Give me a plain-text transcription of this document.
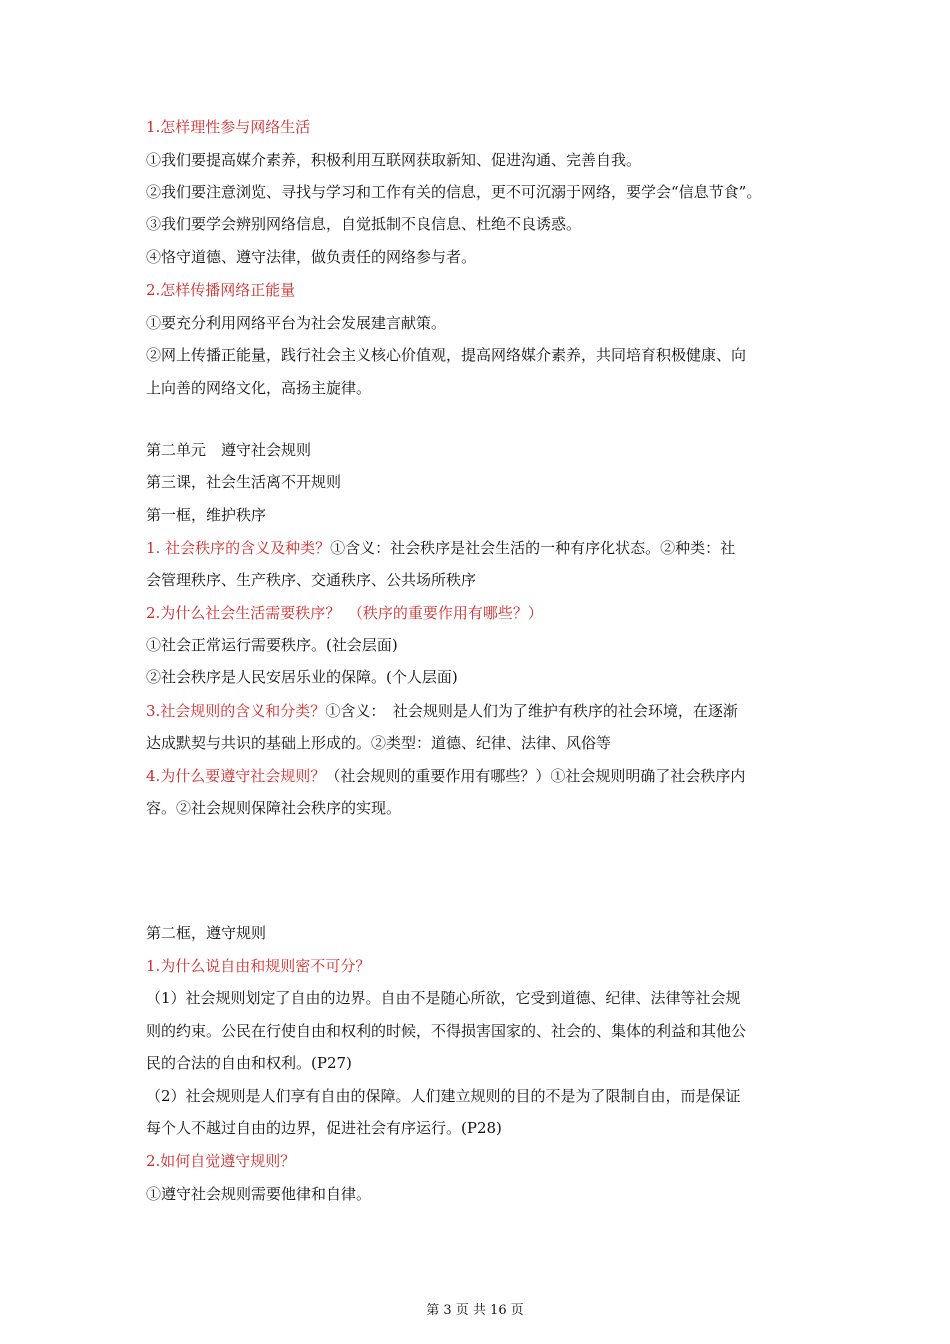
1.怎样理性参与网络生活
①我们要提高媒介素养，积极利用互联网获取新知、促进沟通、完善自我。
②我们要注意浏览、寻找与学习和工作有关的信息，更不可沉溺于网络，要学会“信息节食”。
③我们要学会辨别网络信息，自觉抵制不良信息、杜绝不良诱惑。
④恪守道德、遵守法律，做负责任的网络参与者。
2.怎样传播网络正能量
①要充分利用网络平台为社会发展建言献策。
②网上传播正能量，践行社会主义核心价值观，提高网络媒介素养，共同培育积极健康、向
上向善的网络文化，高扬主旋律。
第二单元　遵守社会规则
第三课，社会生活离不开规则
第一框，维护秩序
1. 社会秩序的含义及种类？①含义：社会秩序是社会生活的一种有序化状态。②种类：社
会管理秩序、生产秩序、交通秩序、公共场所秩序
2.为什么社会生活需要秩序？　（秩序的重要作用有哪些？）
①社会正常运行需要秩序。(社会层面)
②社会秩序是人民安居乐业的保障。(个人层面)
3.社会规则的含义和分类？①含义：　社会规则是人们为了维护有秩序的社会环境，在逐渐
达成默契与共识的基础上形成的。②类型：道德、纪律、法律、风俗等
4.为什么要遵守社会规则？（社会规则的重要作用有哪些？）①社会规则明确了社会秩序内
容。②社会规则保障社会秩序的实现。
第二框，遵守规则
1.为什么说自由和规则密不可分？
（1）社会规则划定了自由的边界。自由不是随心所欲，它受到道德、纪律、法律等社会规
则的约束。公民在行使自由和权利的时候，不得损害国家的、社会的、集体的利益和其他公
民的合法的自由和权利。(P27)
（2）社会规则是人们享有自由的保障。人们建立规则的目的不是为了限制自由，而是保证
每个人不越过自由的边界，促进社会有序运行。(P28)
2.如何自觉遵守规则？
①遵守社会规则需要他律和自律。
第 3 页 共 16 页
